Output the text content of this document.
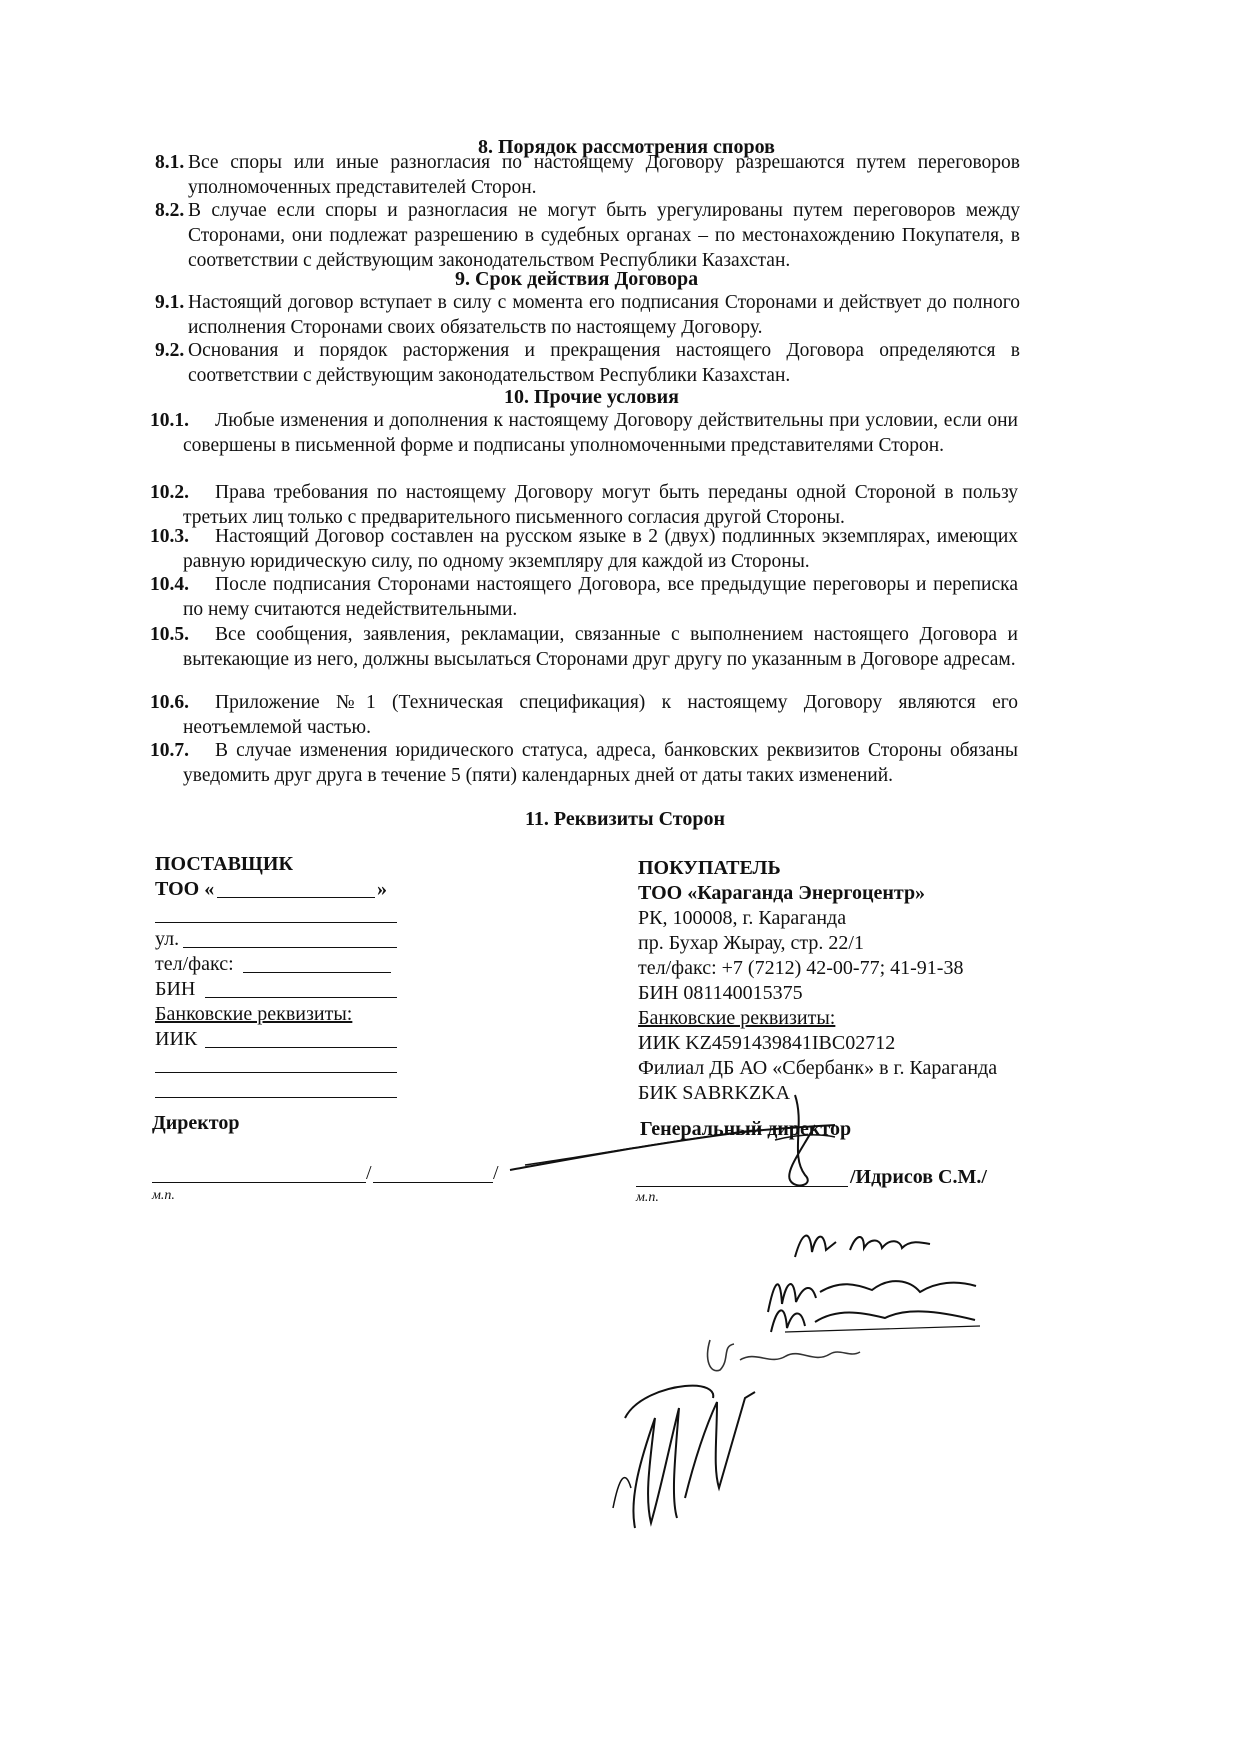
8. Порядок рассмотрения споров
8.1. Все споры или иные разногласия по настоящему Договору разрешаются путем переговоров уполномоченных представителей Сторон.
8.2. В случае если споры и разногласия не могут быть урегулированы путем переговоров между Сторонами, они подлежат разрешению в судебных органах – по местонахождению Покупателя, в соответствии с действующим законодательством Республики Казахстан.
9. Срок действия Договора
9.1. Настоящий договор вступает в силу с момента его подписания Сторонами и действует до полного исполнения Сторонами своих обязательств по настоящему Договору.
9.2. Основания и порядок расторжения и прекращения настоящего Договора определяются в соответствии с действующим законодательством Республики Казахстан.
10. Прочие условия
10.1.	Любые изменения и дополнения к настоящему Договору действительны при условии, если они совершены в письменной форме и подписаны уполномоченными представителями Сторон.
10.2.	Права требования по настоящему Договору могут быть переданы одной Стороной в пользу третьих лиц только с предварительного письменного согласия другой Стороны.
10.3.	Настоящий Договор составлен на русском языке в 2 (двух) подлинных экземплярах, имеющих равную юридическую силу, по одному экземпляру для каждой из Стороны.
10.4.	После подписания Сторонами настоящего Договора, все предыдущие переговоры и переписка по нему считаются недействительными.
10.5.	Все сообщения, заявления, рекламации, связанные с выполнением настоящего Договора и вытекающие из него, должны высылаться Сторонами друг другу по указанным в Договоре адресам.
10.6.	Приложение №1 (Техническая спецификация) к настоящему Договору являются его неотъемлемой частью.
10.7.	В случае изменения юридического статуса, адреса, банковских реквизитов Стороны обязаны уведомить друг друга в течение 5 (пяти) календарных дней от даты таких изменений.
11. Реквизиты Сторон
ПОСТАВЩИК
ТОО «	»
ул.
тел/факс:
БИН
Банковские реквизиты:
ИИК
Директор
/	/
м.п.
ПОКУПАТЕЛЬ
ТОО «Караганда Энергоцентр»
РК, 100008, г. Караганда
пр. Бухар Жырау, стр. 22/1
тел/факс: +7 (7212) 42-00-77; 41-91-38
БИН 081140015375
Банковские реквизиты:
ИИК KZ4591439841IBC02712
Филиал ДБ АО «Сбербанк» в г. Караганда
БИК SABRKZKA
Генеральный директор
/Идрисов С.М./
м.п.
